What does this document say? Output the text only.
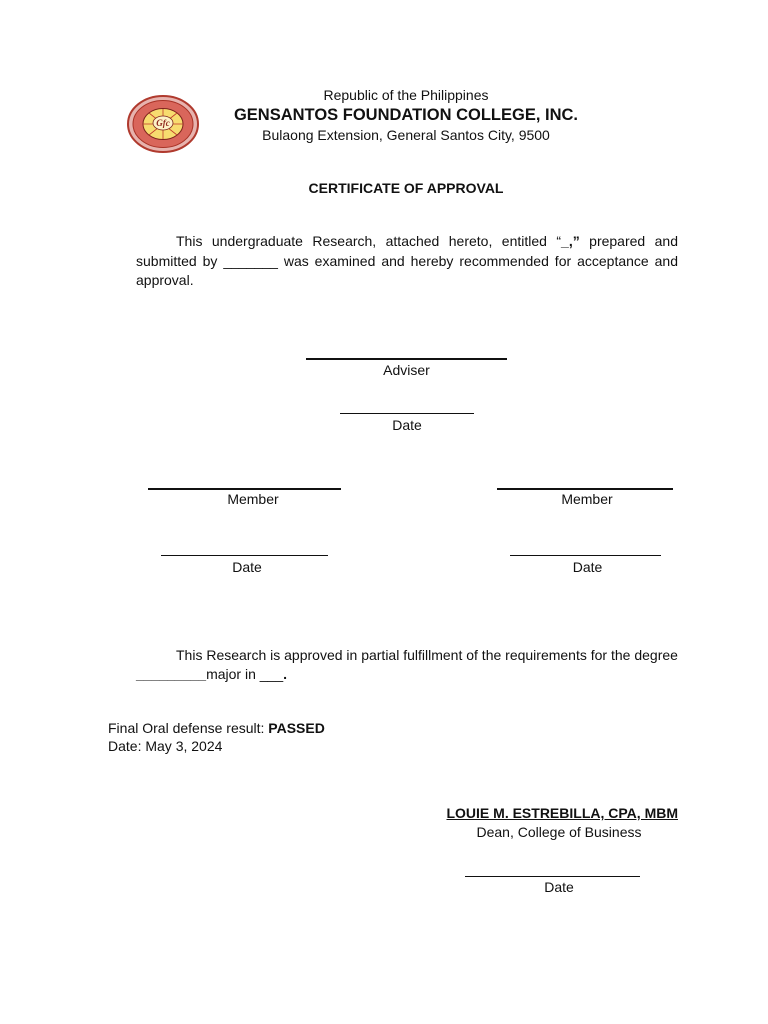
Gfc
Republic of the Philippines
GENSANTOS FOUNDATION COLLEGE, INC.
Bulaong Extension, General Santos City, 9500
CERTIFICATE OF APPROVAL
This undergraduate Research, attached hereto, entitled “_,” prepared and submitted by _______ was examined and hereby recommended for acceptance and approval.
Adviser
Date
Member
Date
Member
Date
This Research is approved in partial fulfillment of the requirements for the degree _________major in ___.
Final Oral defense result: PASSED
Date: May 3, 2024
LOUIE M. ESTREBILLA, CPA, MBM
Dean, College of Business
Date
